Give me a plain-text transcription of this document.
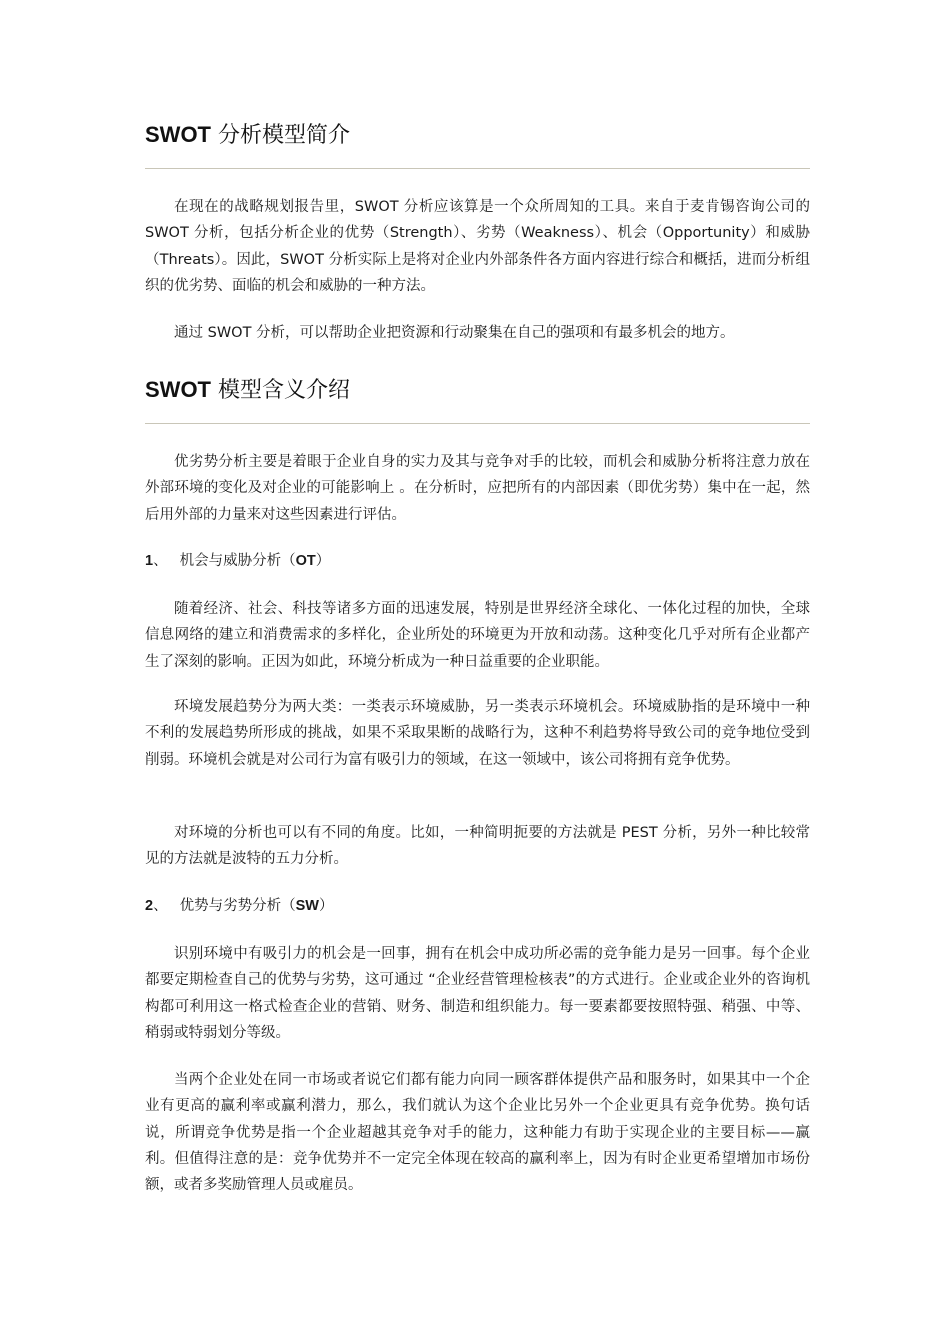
SWOT 分析模型简介

在现在的战略规划报告里，SWOT 分析应该算是一个众所周知的工具。来自于麦肯锡咨询公司的 SWOT 分析，包括分析企业的优势（Strength）、劣势（Weakness）、机会（Opportunity）和威胁（Threats）。因此，SWOT 分析实际上是将对企业内外部条件各方面内容进行综合和概括，进而分析组织的优劣势、面临的机会和威胁的一种方法。

通过 SWOT 分析，可以帮助企业把资源和行动聚集在自己的强项和有最多机会的地方。

SWOT 模型含义介绍

优劣势分析主要是着眼于企业自身的实力及其与竞争对手的比较，而机会和威胁分析将注意力放在外部环境的变化及对企业的可能影响上 。在分析时，应把所有的内部因素（即优劣势）集中在一起，然后用外部的力量来对这些因素进行评估。

1、 机会与威胁分析（OT）

随着经济、社会、科技等诸多方面的迅速发展，特别是世界经济全球化、一体化过程的加快，全球信息网络的建立和消费需求的多样化，企业所处的环境更为开放和动荡。这种变化几乎对所有企业都产生了深刻的影响。正因为如此，环境分析成为一种日益重要的企业职能。

环境发展趋势分为两大类：一类表示环境威胁，另一类表示环境机会。环境威胁指的是环境中一种不利的发展趋势所形成的挑战，如果不采取果断的战略行为，这种不利趋势将导致公司的竞争地位受到削弱。环境机会就是对公司行为富有吸引力的领域，在这一领域中，该公司将拥有竞争优势。

对环境的分析也可以有不同的角度。比如，一种简明扼要的方法就是 PEST 分析，另外一种比较常见的方法就是波特的五力分析。

2、 优势与劣势分析（SW）

识别环境中有吸引力的机会是一回事，拥有在机会中成功所必需的竞争能力是另一回事。每个企业都要定期检查自己的优势与劣势，这可通过 “企业经营管理检核表”的方式进行。企业或企业外的咨询机构都可利用这一格式检查企业的营销、财务、制造和组织能力。每一要素都要按照特强、稍强、中等、稍弱或特弱划分等级。

当两个企业处在同一市场或者说它们都有能力向同一顾客群体提供产品和服务时，如果其中一个企业有更高的赢利率或赢利潜力，那么，我们就认为这个企业比另外一个企业更具有竞争优势。换句话说，所谓竞争优势是指一个企业超越其竞争对手的能力，这种能力有助于实现企业的主要目标——赢利。但值得注意的是：竞争优势并不一定完全体现在较高的赢利率上，因为有时企业更希望增加市场份额，或者多奖励管理人员或雇员。
